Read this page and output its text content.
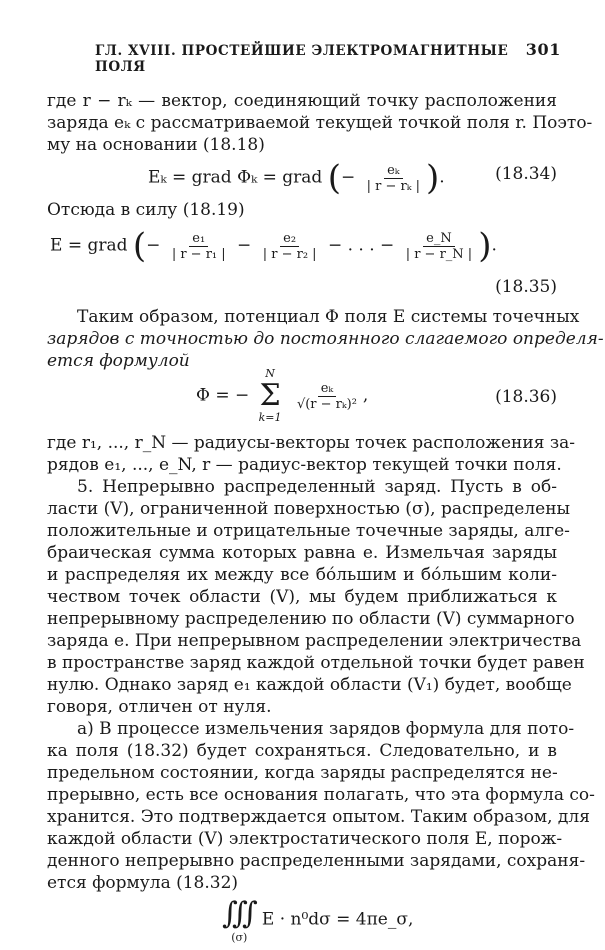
ГЛ. XVIII. ПРОСТЕЙШИЕ ЭЛЕКТРОМАГНИТНЫЕ ПОЛЯ
301
где r − rₖ — вектор, соединяющий точку расположения
заряда eₖ с рассматриваемой текущей точкой поля r. Поэто-
му на основании (18.18)
Eₖ = grad Φₖ = grad (− $\frac{\text{eₖ}}{\text{| r − rₖ |}}$ ).	(18.34)
Отсюда в силу (18.19)
E = grad (− $\frac{\text{e₁}}{\text{| r − r₁ |}} - \frac{\text{e₂}}{\text{| r − r₂ |}}$ − . . . − $\frac{e\_N}{| r - r\_N |}$ ).
(18.35)
Таким образом, потенциал Φ поля E системы точечных
зарядов с точностью до постоянного слагаемого определя-
ется формулой
Φ = −
N
Σ
k=1

$\frac{\text{eₖ}}{\text{√(r − rₖ)²}}$ ,	(18.36)
где r₁, ..., r_N — радиусы-векторы точек расположения за-
рядов e₁, ..., e_N, r — радиус-вектор текущей точки поля.
5. Непрерывно распределенный заряд. Пусть в об-
ласти (V), ограниченной поверхностью (σ), распределены
положительные и отрицательные точечные заряды, алге-
браическая сумма которых равна e. Измельчая заряды
и распределяя их между все бо́льшим и бо́льшим коли-
чеством точек области (V), мы будем приближаться к
непрерывному распределению по области (V) суммарного
заряда e. При непрерывном распределении электричества
в пространстве заряд каждой отдельной точки будет равен
нулю. Однако заряд e₁ каждой области (V₁) будет, вообще
говоря, отличен от нуля.
а) В процессе измельчения зарядов формула для пото-
ка поля (18.32) будет сохраняться. Следовательно, и в
предельном состоянии, когда заряды распределятся не-
прерывно, есть все основания полагать, что эта формула со-
хранится. Это подтверждается опытом. Таким образом, для
каждой области (V) электростатического поля E, порож-
денного непрерывно распределенными зарядами, сохраня-
ется формула (18.32)
∭
(σ)
E · n⁰dσ = 4πe_σ,
